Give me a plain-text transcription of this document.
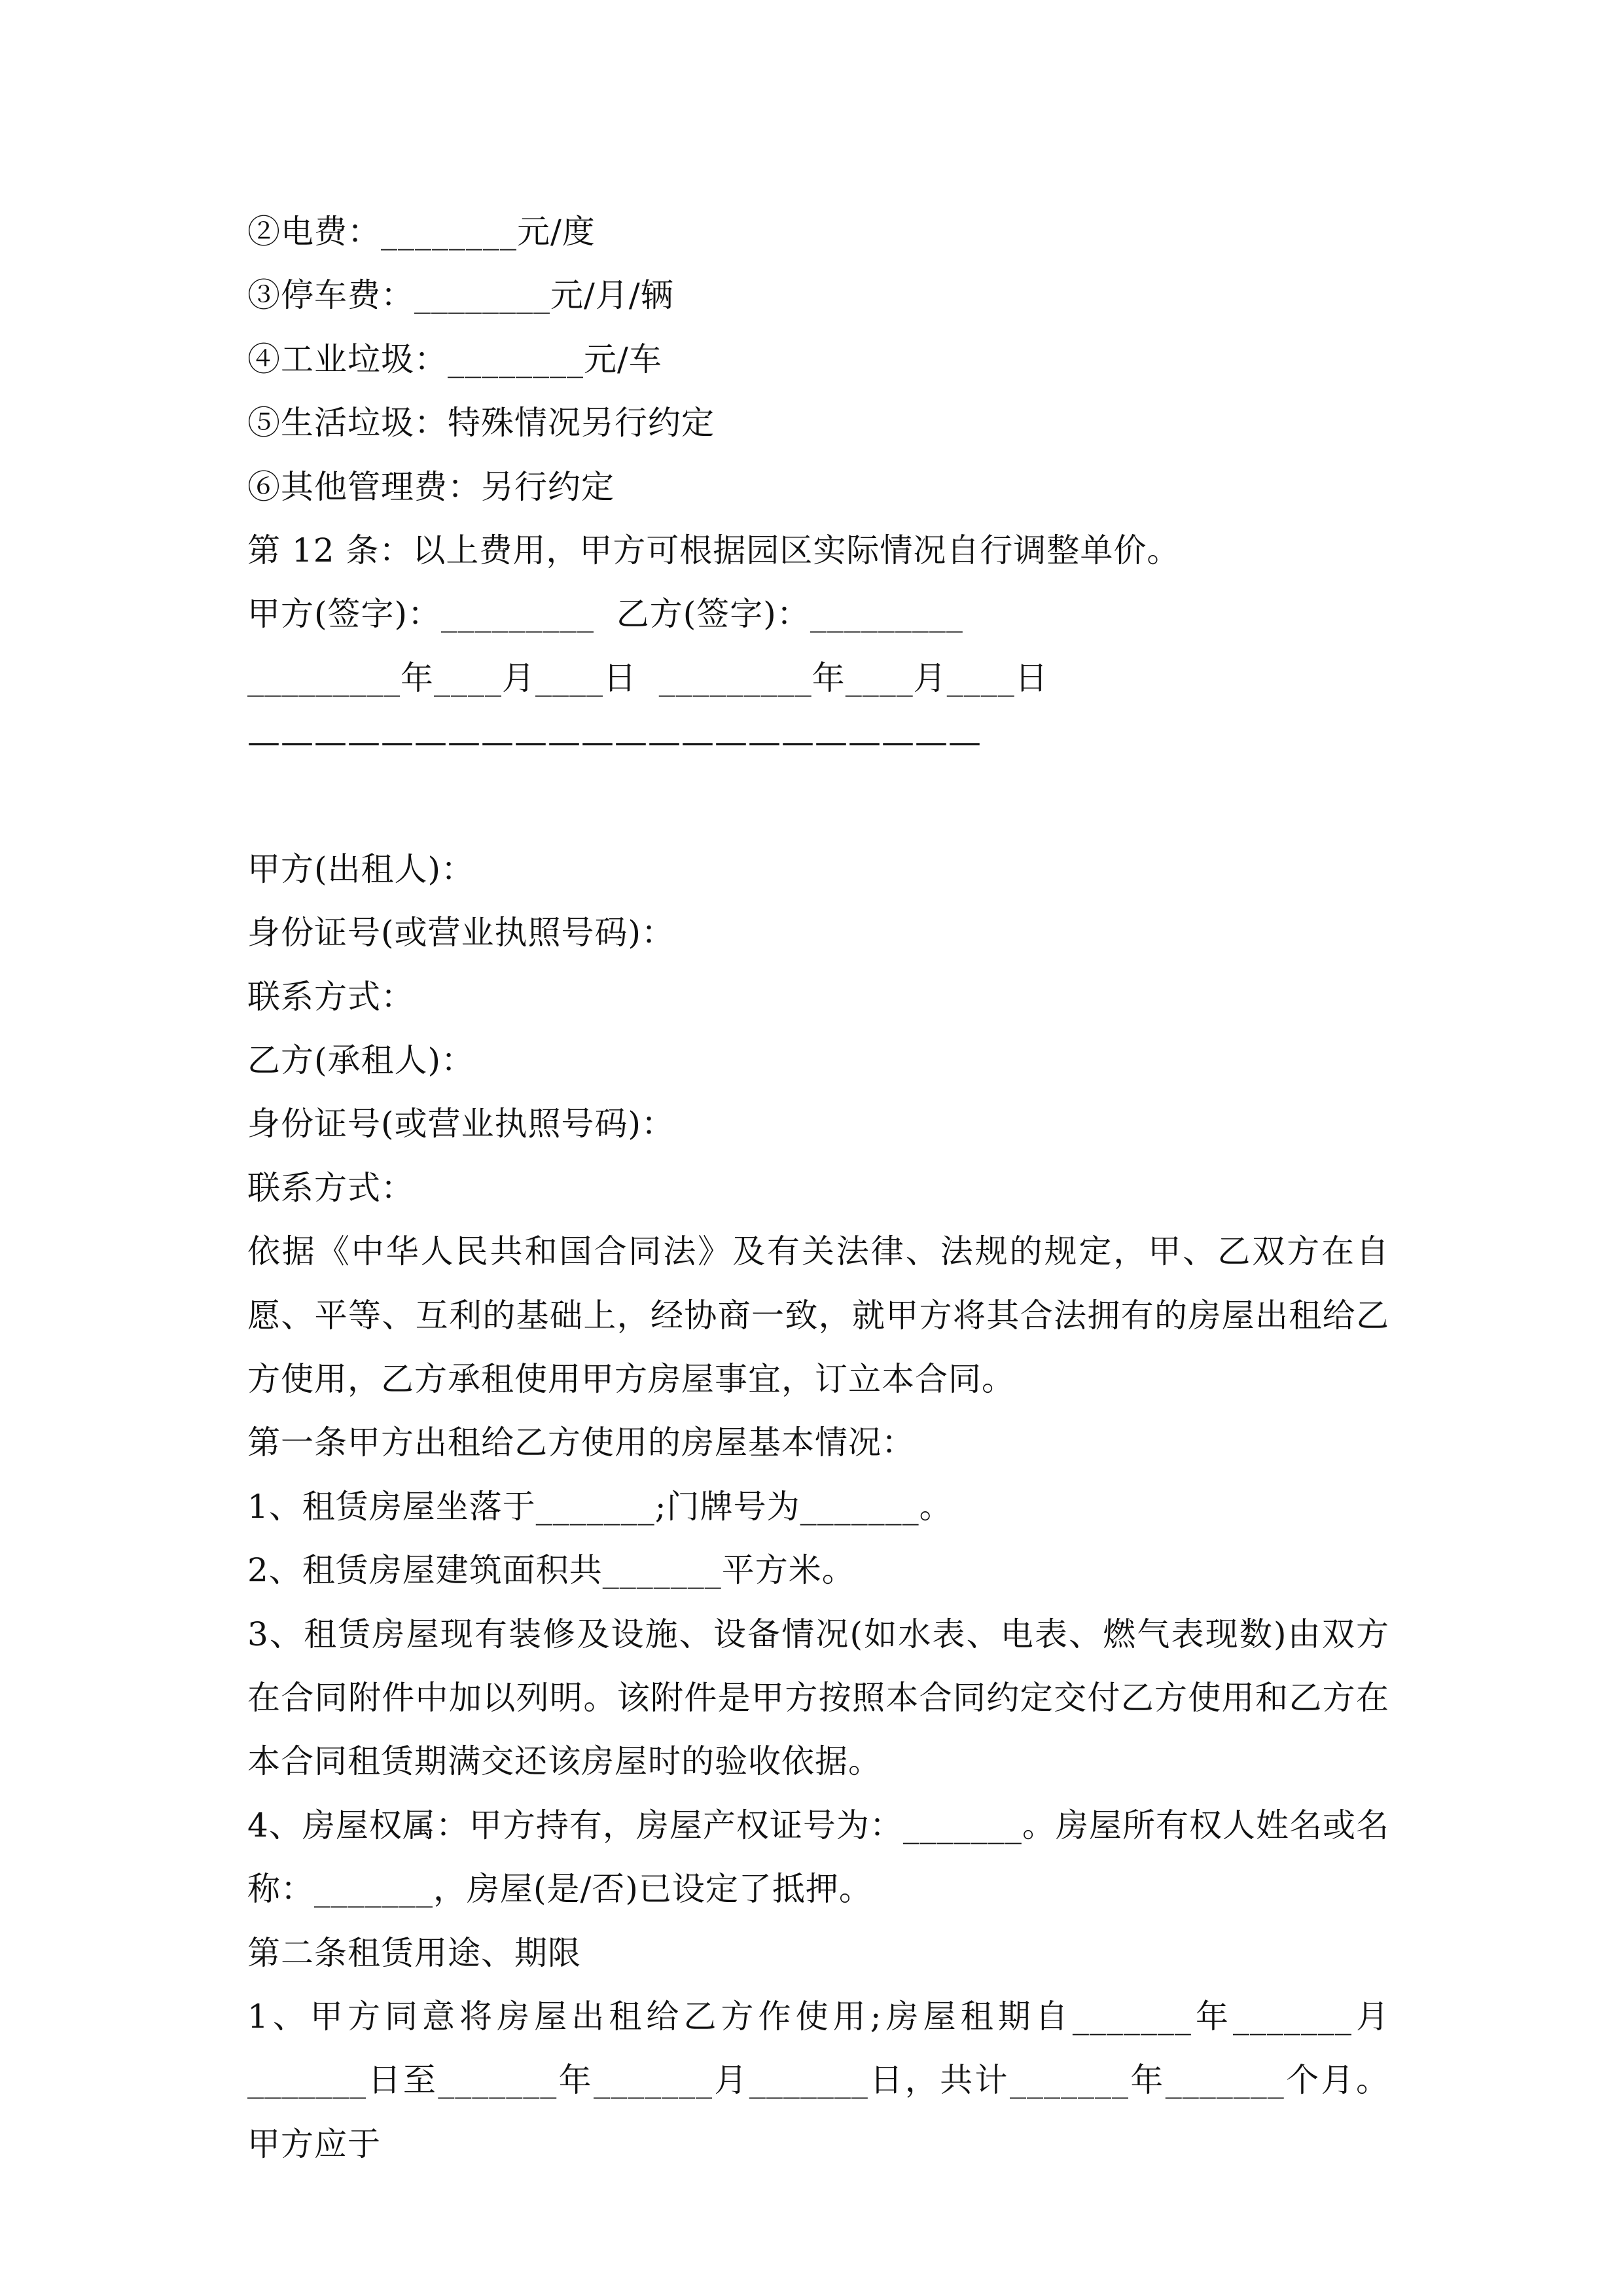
②电费：________元/度
③停车费：________元/月/辆
④工业垃圾：________元/车
⑤生活垃圾：特殊情况另行约定
⑥其他管理费：另行约定
第 12 条：以上费用，甲方可根据园区实际情况自行调整单价。
甲方(签字)：_________  乙方(签字)：_________
_________年____月____日  _________年____月____日
——————————————————————
甲方(出租人)：
身份证号(或营业执照号码)：
联系方式：
乙方(承租人)：
身份证号(或营业执照号码)：
联系方式：
依据《中华人民共和国合同法》及有关法律、法规的规定，甲、乙双方在自愿、平等、互利的基础上，经协商一致，就甲方将其合法拥有的房屋出租给乙方使用，乙方承租使用甲方房屋事宜，订立本合同。
第一条甲方出租给乙方使用的房屋基本情况：
1、租赁房屋坐落于_______;门牌号为_______。
2、租赁房屋建筑面积共_______平方米。
3、租赁房屋现有装修及设施、设备情况(如水表、电表、燃气表现数)由双方在合同附件中加以列明。该附件是甲方按照本合同约定交付乙方使用和乙方在本合同租赁期满交还该房屋时的验收依据。
4、房屋权属：甲方持有，房屋产权证号为：_______。房屋所有权人姓名或名称：_______，房屋(是/否)已设定了抵押。
第二条租赁用途、期限
1、甲方同意将房屋出租给乙方作使用;房屋租期自_______年_______月_______日至_______年_______月_______日，共计_______年_______个月。甲方应于
